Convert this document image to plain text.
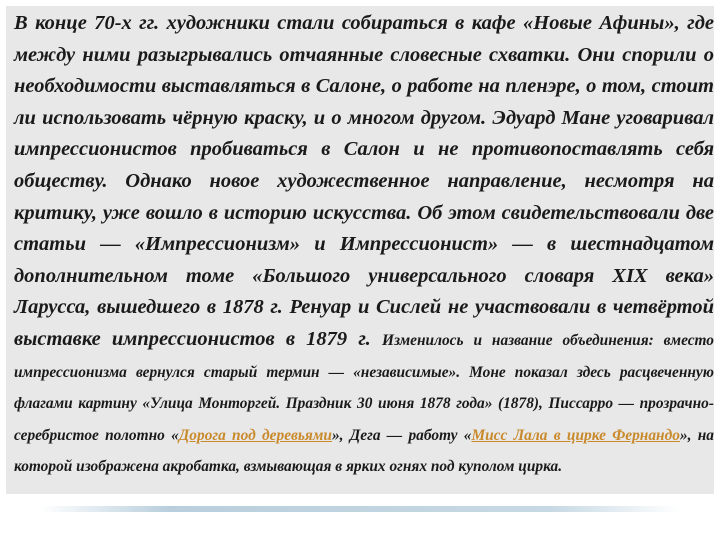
В конце 70-х гг. художники стали собираться в кафе «Новые Афины», где между ними разыгрывались отчаянные словесные схватки. Они спорили о необходимости выставляться в Салоне, о работе на пленэре, о том, стоит ли использовать чёрную краску, и о многом другом. Эдуард Мане уговаривал импрессионистов пробиваться в Салон и не противопоставлять себя обществу. Однако новое художественное направление, несмотря на критику, уже вошло в историю искусства. Об этом свидетельствовали две статьи — «Импрессионизм» и Импрессионист» — в шестнадцатом дополнительном томе «Большого универсального словаря XIX века» Ларусса, вышедшего в 1878 г. Ренуар и Сислей не участвовали в четвёртой выставке импрессионистов в 1879 г. Изменилось и название объединения: вместо импрессионизма вернулся старый термин — «независимые». Моне показал здесь расцвеченную флагами картину «Улица Монторгей. Праздник 30 июня 1878 года» (1878), Писсарро — прозрачно-серебристое полотно «Дорога под деревьями», Дега — работу «Мисс Лала в цирке Фернандо», на которой изображена акробатка, взмывающая в ярких огнях под куполом цирка.
